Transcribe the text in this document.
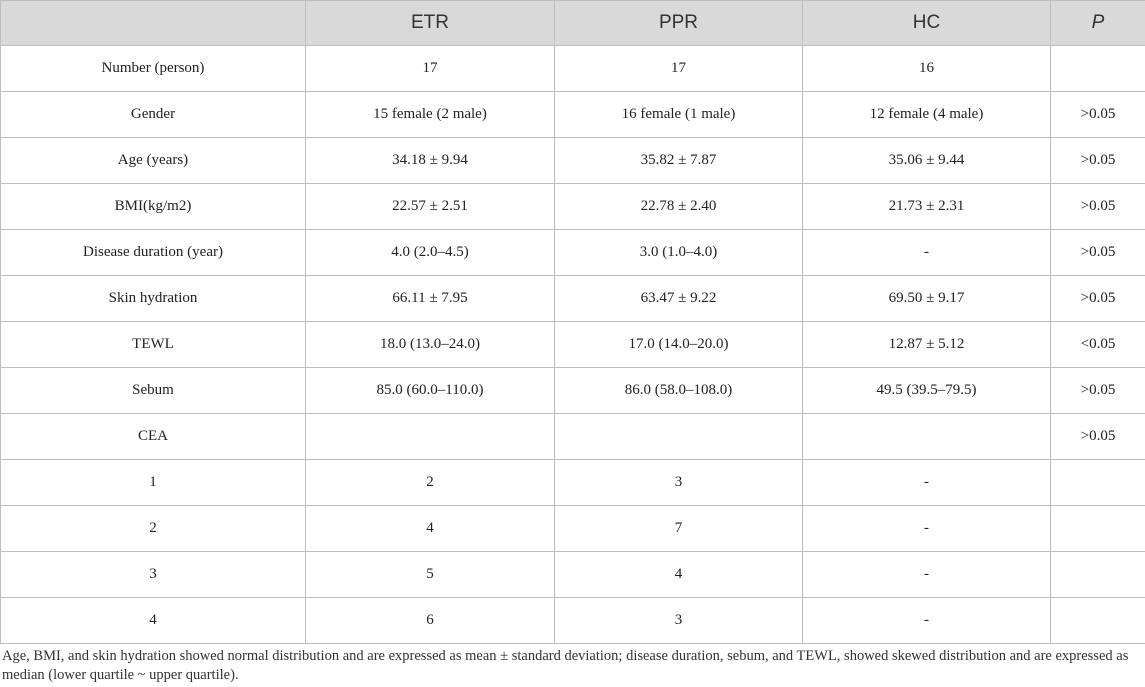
	ETR	PPR	HC	P
Number (person)	17	17	16	
Gender	15 female (2 male)	16 female (1 male)	12 female (4 male)	>0.05
Age (years)	34.18 ± 9.94	35.82 ± 7.87	35.06 ± 9.44	>0.05
BMI(kg/m2)	22.57 ± 2.51	22.78 ± 2.40	21.73 ± 2.31	>0.05
Disease duration (year)	4.0 (2.0–4.5)	3.0 (1.0–4.0)	-	>0.05
Skin hydration	66.11 ± 7.95	63.47 ± 9.22	69.50 ± 9.17	>0.05
TEWL	18.0 (13.0–24.0)	17.0 (14.0–20.0)	12.87 ± 5.12	<0.05
Sebum	85.0 (60.0–110.0)	86.0 (58.0–108.0)	49.5 (39.5–79.5)	>0.05
CEA				>0.05
1	2	3	-	
2	4	7	-	
3	5	4	-	
4	6	3	-	
Age, BMI, and skin hydration showed normal distribution and are expressed as mean ± standard deviation; disease duration, sebum, and TEWL, showed skewed distribution and are expressed as median (lower quartile ~ upper quartile).
